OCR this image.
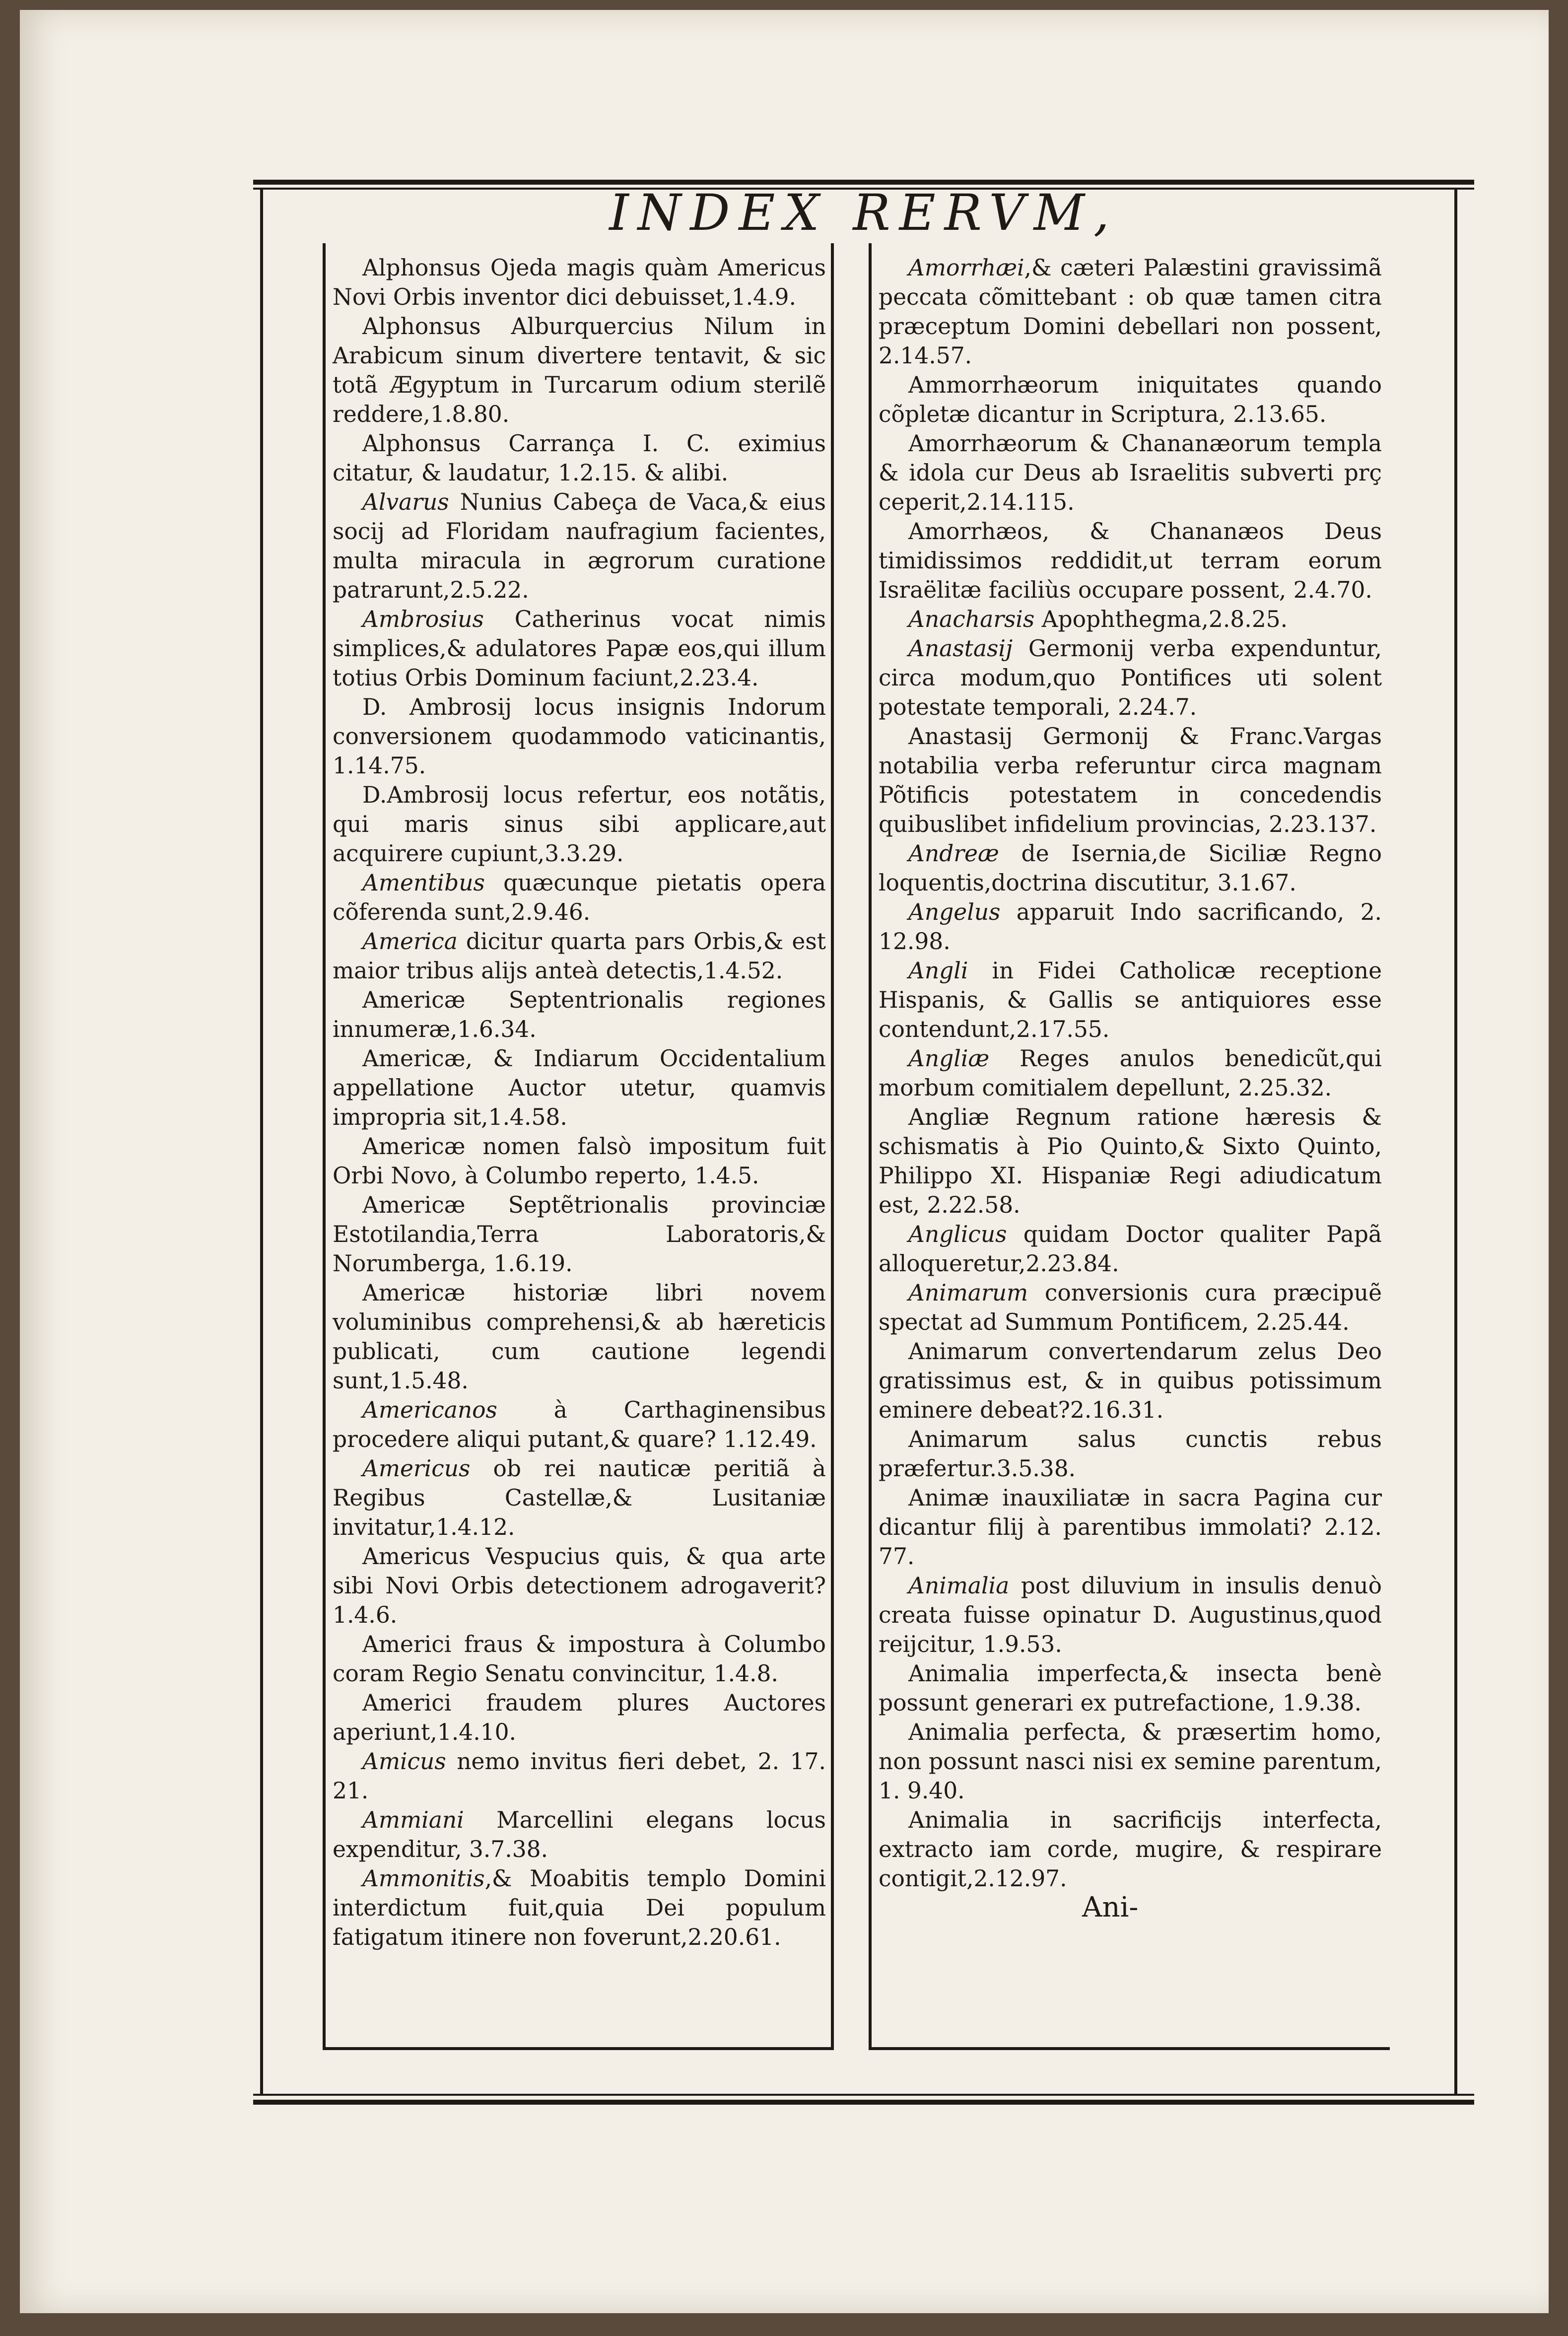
INDEX RERVM,
Alphonsus Ojeda magis quàm Americus Novi Orbis inventor dici debuisset,1.4.9.
Alphonsus Alburquercius Nilum in Arabicum sinum divertere tentavit, & sic totã Ægyptum in Turcarum odium sterilẽ reddere,1.8.80.
Alphonsus Carrança I. C. eximius citatur, & laudatur, 1.2.15. & alibi.
Alvarus Nunius Cabeça de Vaca,& eius socij ad Floridam naufragium facientes, multa miracula in ægrorum curatione patrarunt,2.5.22.
Ambrosius Catherinus vocat nimis simplices,& adulatores Papæ eos,qui illum totius Orbis Dominum faciunt,2.23.4.
D. Ambrosij locus insignis Indorum conversionem quodammodo vaticinantis, 1.14.75.
D.Ambrosij locus refertur, eos notãtis, qui maris sinus sibi applicare,aut acquirere cupiunt,3.3.29.
Amentibus quæcunque pietatis opera cõferenda sunt,2.9.46.
America dicitur quarta pars Orbis,& est maior tribus alijs anteà detectis,1.4.52.
Americæ Septentrionalis regiones innumeræ,1.6.34.
Americæ, & Indiarum Occidentalium appellatione Auctor utetur, quamvis impropria sit,1.4.58.
Americæ nomen falsò impositum fuit Orbi Novo, à Columbo reperto, 1.4.5.
Americæ Septẽtrionalis provinciæ Estotilandia,Terra Laboratoris,& Norumberga, 1.6.19.
Americæ historiæ libri novem voluminibus comprehensi,& ab hæreticis publicati, cum cautione legendi sunt,1.5.48.
Americanos à Carthaginensibus procedere aliqui putant,& quare? 1.12.49.
Americus ob rei nauticæ peritiã à Regibus Castellæ,& Lusitaniæ invitatur,1.4.12.
Americus Vespucius quis, & qua arte sibi Novi Orbis detectionem adrogaverit? 1.4.6.
Americi fraus & impostura à Columbo coram Regio Senatu convincitur, 1.4.8.
Americi fraudem plures Auctores aperiunt,1.4.10.
Amicus nemo invitus fieri debet, 2. 17. 21.
Ammiani Marcellini elegans locus expenditur, 3.7.38.
Ammonitis,& Moabitis templo Domini interdictum fuit,quia Dei populum fatigatum itinere non foverunt,2.20.61.
Amorrhæi,& cæteri Palæstini gravissimã peccata cõmittebant : ob quæ tamen citra præceptum Domini debellari non possent, 2.14.57.
Ammorrhæorum iniquitates quando cõpletæ dicantur in Scriptura, 2.13.65.
Amorrhæorum & Chananæorum templa & idola cur Deus ab Israelitis subverti prç ceperit,2.14.115.
Amorrhæos, & Chananæos Deus timidissimos reddidit,ut terram eorum Israëlitæ faciliùs occupare possent, 2.4.70.
Anacharsis Apophthegma,2.8.25.
Anastasij Germonij verba expenduntur, circa modum,quo Pontifices uti solent potestate temporali, 2.24.7.
Anastasij Germonij & Franc.Vargas notabilia verba referuntur circa magnam Põtificis potestatem in concedendis quibuslibet infidelium provincias, 2.23.137.
Andreæ de Isernia,de Siciliæ Regno loquentis,doctrina discutitur, 3.1.67.
Angelus apparuit Indo sacrificando, 2. 12.98.
Angli in Fidei Catholicæ receptione Hispanis, & Gallis se antiquiores esse contendunt,2.17.55.
Angliæ Reges anulos benedicũt,qui morbum comitialem depellunt, 2.25.32.
Angliæ Regnum ratione hæresis & schismatis à Pio Quinto,& Sixto Quinto, Philippo XI. Hispaniæ Regi adiudicatum est, 2.22.58.
Anglicus quidam Doctor qualiter Papã alloqueretur,2.23.84.
Animarum conversionis cura præcipuẽ spectat ad Summum Pontificem, 2.25.44.
Animarum convertendarum zelus Deo gratissimus est, & in quibus potissimum eminere debeat?2.16.31.
Animarum salus cunctis rebus præfertur.3.5.38.
Animæ inauxiliatæ in sacra Pagina cur dicantur filij à parentibus immolati? 2.12. 77.
Animalia post diluvium in insulis denuò creata fuisse opinatur D. Augustinus,quod reijcitur, 1.9.53.
Animalia imperfecta,& insecta benè possunt generari ex putrefactione, 1.9.38.
Animalia perfecta, & præsertim homo, non possunt nasci nisi ex semine parentum, 1. 9.40.
Animalia in sacrificijs interfecta, extracto iam corde, mugire, & respirare contigit,2.12.97.
Ani-
